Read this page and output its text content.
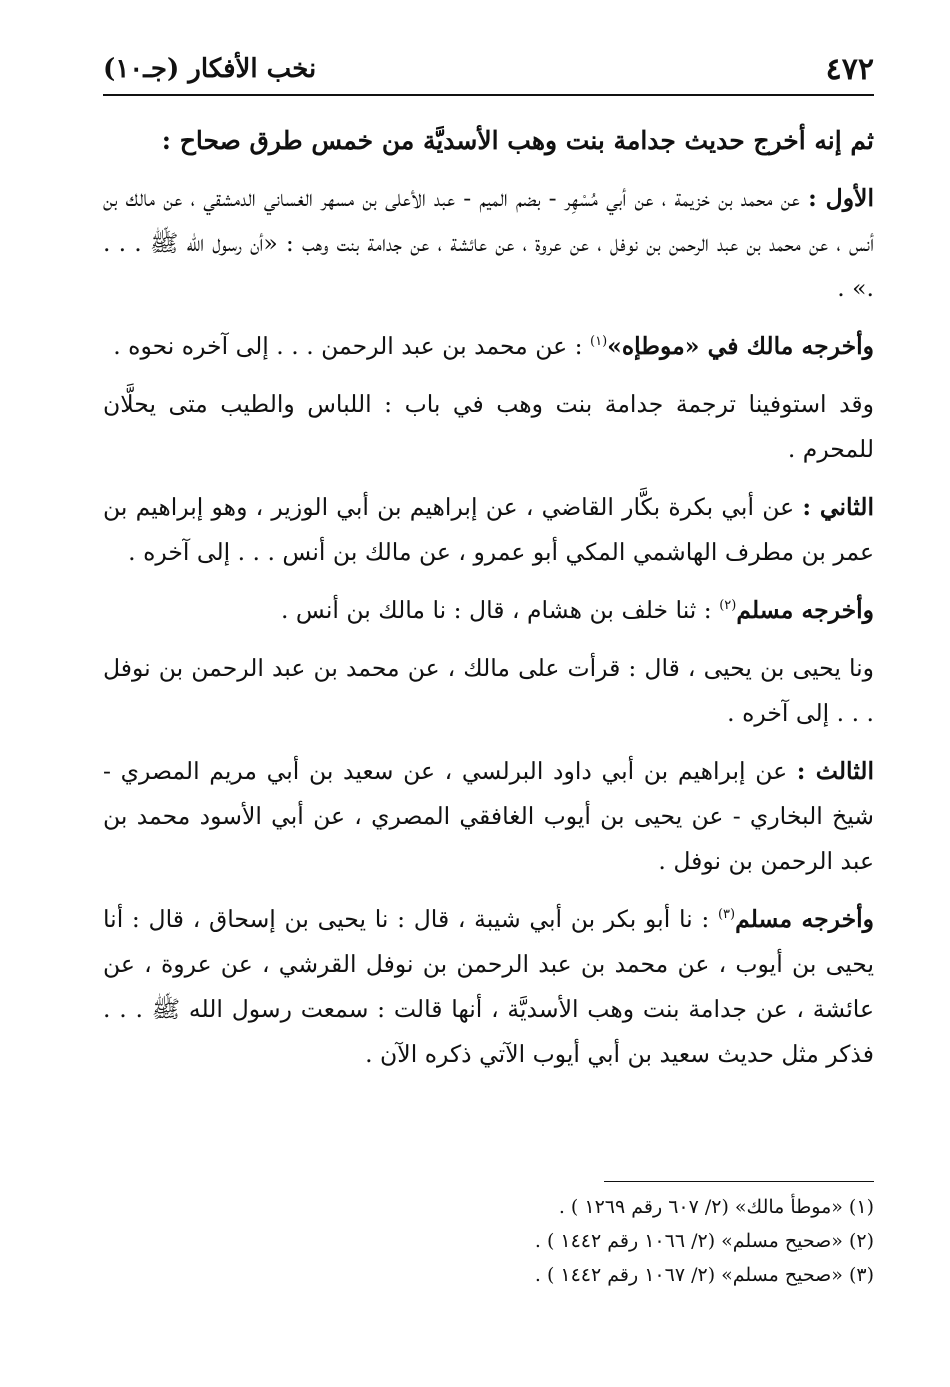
٤٧٢
نخب الأفكار (جـ١٠)

ثم إنه أخرج حديث جدامة بنت وهب الأسديَّة من خمس طرق صحاح :

الأول : عن محمد بن خزيمة ، عن أبي مُسْهِر - بضم الميم - عبد الأعلى بن مسهر الغساني الدمشقي ، عن مالك بن أنس ، عن محمد بن عبد الرحمن بن نوفل ، عن عروة ، عن عائشة ، عن جدامة بنت وهب : «أن رسول الله ﷺ . . . .» .

وأخرجه مالك في «موطإه»$^{(١)}$ : عن محمد بن عبد الرحمن . . . إلى آخره نحوه .

وقد استوفينا ترجمة جدامة بنت وهب في باب : اللباس والطيب متى يحلَّان للمحرم .

الثاني : عن أبي بكرة بكَّار القاضي ، عن إبراهيم بن أبي الوزير ، وهو إبراهيم بن عمر بن مطرف الهاشمي المكي أبو عمرو ، عن مالك بن أنس . . . إلى آخره .

وأخرجه مسلم$^{(٢)}$ : ثنا خلف بن هشام ، قال : نا مالك بن أنس .

ونا يحيى بن يحيى ، قال : قرأت على مالك ، عن محمد بن عبد الرحمن بن نوفل . . . إلى آخره .

الثالث : عن إبراهيم بن أبي داود البرلسي ، عن سعيد بن أبي مريم المصري - شيخ البخاري - عن يحيى بن أيوب الغافقي المصري ، عن أبي الأسود محمد بن عبد الرحمن بن نوفل .

وأخرجه مسلم$^{(٣)}$ : نا أبو بكر بن أبي شيبة ، قال : نا يحيى بن إسحاق ، قال : أنا يحيى بن أيوب ، عن محمد بن عبد الرحمن بن نوفل القرشي ، عن عروة ، عن عائشة ، عن جدامة بنت وهب الأسديَّة ، أنها قالت : سمعت رسول الله ﷺ . . . فذكر مثل حديث سعيد بن أبي أيوب الآتي ذكره الآن .

(١) «موطأ مالك» (٢/ ٦٠٧ رقم ١٢٦٩ ) .
(٢) «صحيح مسلم» (٢/ ١٠٦٦ رقم ١٤٤٢ ) .
(٣) «صحيح مسلم» (٢/ ١٠٦٧ رقم ١٤٤٢ ) .
